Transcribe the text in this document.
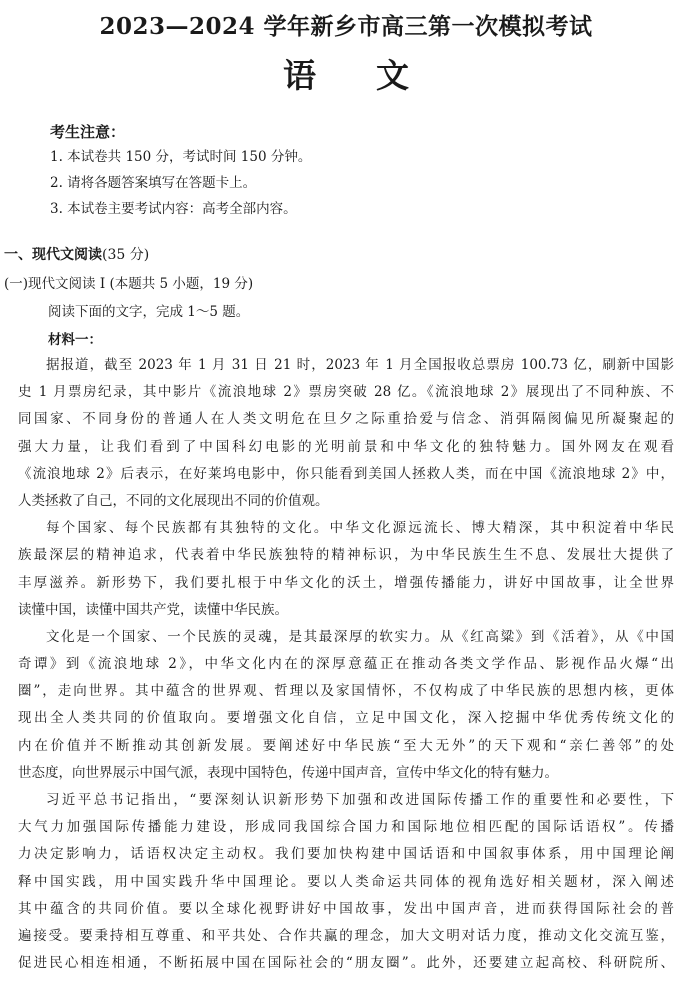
2023—2024 学年新乡市高三第一次模拟考试
语文
考生注意：
1. 本试卷共 150 分，考试时间 150 分钟。
2. 请将各题答案填写在答题卡上。
3. 本试卷主要考试内容：高考全部内容。
一、现代文阅读(35 分)
(一)现代文阅读 I (本题共 5 小题，19 分)
阅读下面的文字，完成 1～5 题。
材料一：
据报道，截至 2023 年 1 月 31 日 21 时，2023 年 1 月全国报收总票房 100.73 亿，刷新中国影
史 1 月票房纪录，其中影片《流浪地球 2》票房突破 28 亿。《流浪地球 2》展现出了不同种族、不
同国家、不同身份的普通人在人类文明危在旦夕之际重拾爱与信念、消弭隔阂偏见所凝聚起的
强大力量，让我们看到了中国科幻电影的光明前景和中华文化的独特魅力。国外网友在观看
《流浪地球 2》后表示，在好莱坞电影中，你只能看到美国人拯救人类，而在中国《流浪地球 2》中，
人类拯救了自己，不同的文化展现出不同的价值观。
每个国家、每个民族都有其独特的文化。中华文化源远流长、博大精深，其中积淀着中华民
族最深层的精神追求，代表着中华民族独特的精神标识，为中华民族生生不息、发展壮大提供了
丰厚滋养。新形势下，我们要扎根于中华文化的沃土，增强传播能力，讲好中国故事，让全世界
读懂中国，读懂中国共产党，读懂中华民族。
文化是一个国家、一个民族的灵魂，是其最深厚的软实力。从《红高粱》到《活着》，从《中国
奇谭》到《流浪地球 2》，中华文化内在的深厚意蕴正在推动各类文学作品、影视作品火爆“出
圈”，走向世界。其中蕴含的世界观、哲理以及家国情怀，不仅构成了中华民族的思想内核，更体
现出全人类共同的价值取向。要增强文化自信，立足中国文化，深入挖掘中华优秀传统文化的
内在价值并不断推动其创新发展。要阐述好中华民族“至大无外”的天下观和“亲仁善邻”的处
世态度，向世界展示中国气派，表现中国特色，传递中国声音，宣传中华文化的特有魅力。
习近平总书记指出，“要深刻认识新形势下加强和改进国际传播工作的重要性和必要性，下
大气力加强国际传播能力建设，形成同我国综合国力和国际地位相匹配的国际话语权”。传播
力决定影响力，话语权决定主动权。我们要加快构建中国话语和中国叙事体系，用中国理论阐
释中国实践，用中国实践升华中国理论。要以人类命运共同体的视角选好相关题材，深入阐述
其中蕴含的共同价值。要以全球化视野讲好中国故事，发出中国声音，进而获得国际社会的普
遍接受。要秉持相互尊重、和平共处、合作共赢的理念，加大文明对话力度，推动文化交流互鉴，
促进民心相连相通，不断拓展中国在国际社会的“朋友圈”。此外，还要建立起高校、科研院所、
